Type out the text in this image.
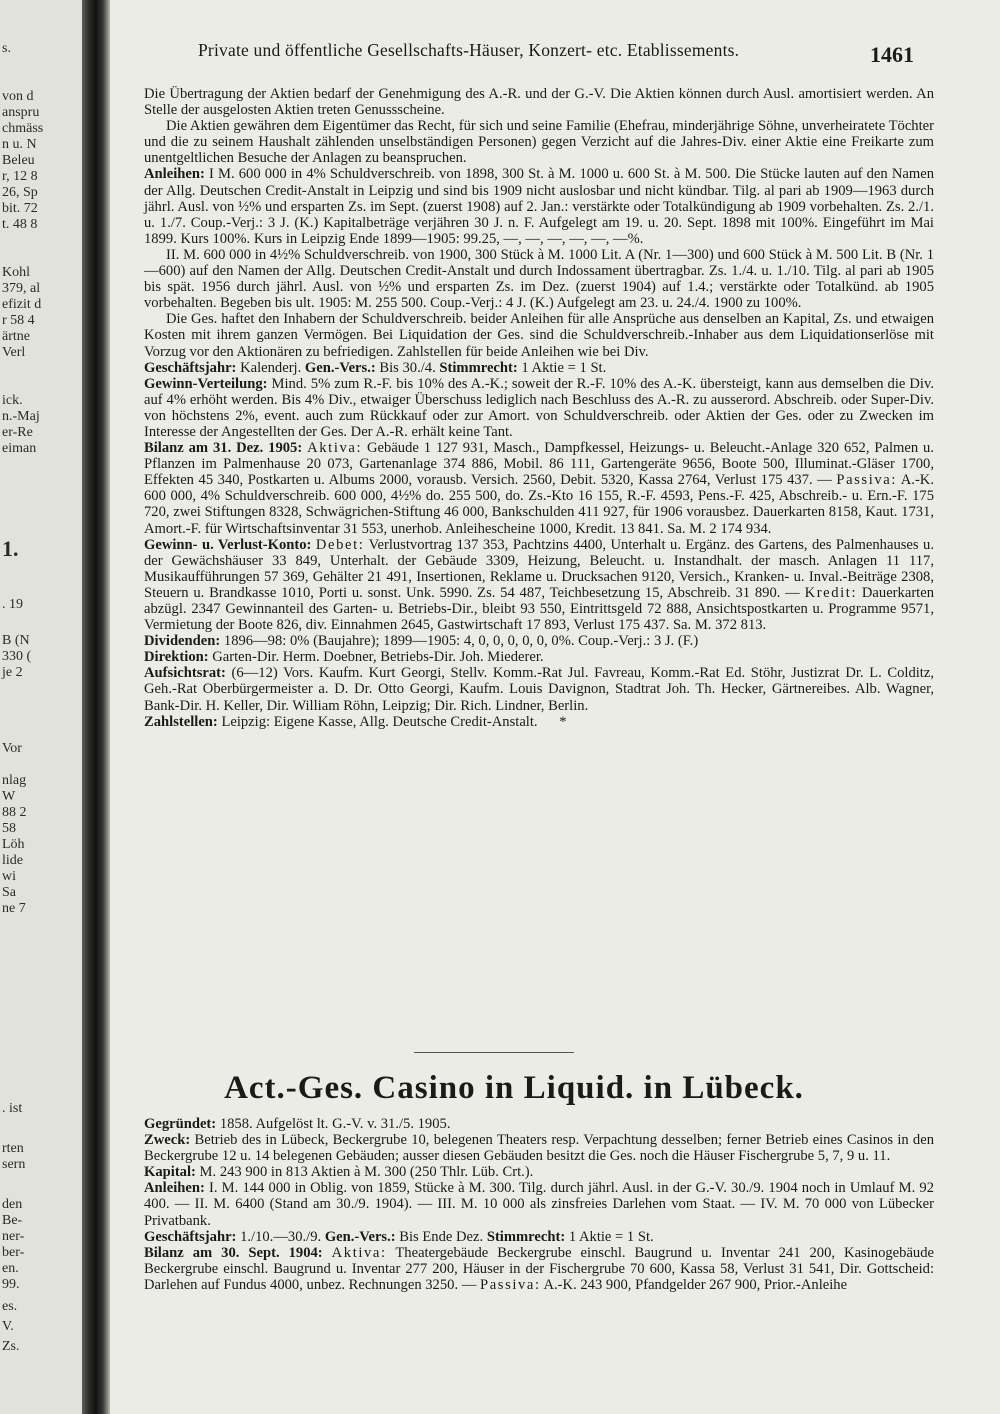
s.
von d
anspru
chmäss
n u. N
Beleu
r, 12 8
26, Sp
bit. 72
t. 48 8
Kohl
379, al
efizit d
r 58 4
ärtne
Verl
ick.
n.-Maj
er-Re
eiman
1.
. 19
B (N
330 (
je 2
Vor
nlag
W
88 2
58
Löh
lide
wi
Sa
ne 7
. ist
rten
sern
den
Be-
ner-
ber-
en.
99.
es.
V.
Zs.
Private und öffentliche Gesellschafts-Häuser, Konzert- etc. Etablissements.	1461

Die Übertragung der Aktien bedarf der Genehmigung des A.-R. und der G.-V. Die Aktien können durch Ausl. amortisiert werden. An Stelle der ausgelosten Aktien treten Genussscheine.

Die Aktien gewähren dem Eigentümer das Recht, für sich und seine Familie (Ehefrau, minderjährige Söhne, unverheiratete Töchter und die zu seinem Haushalt zählenden unselbständigen Personen) gegen Verzicht auf die Jahres-Div. einer Aktie eine Freikarte zum unentgeltlichen Besuche der Anlagen zu beanspruchen.

Anleihen: I M. 600 000 in 4% Schuldverschreib. von 1898, 300 St. à M. 1000 u. 600 St. à M. 500. Die Stücke lauten auf den Namen der Allg. Deutschen Credit-Anstalt in Leipzig und sind bis 1909 nicht auslosbar und nicht kündbar. Tilg. al pari ab 1909—1963 durch jährl. Ausl. von ½% und ersparten Zs. im Sept. (zuerst 1908) auf 2. Jan.: verstärkte oder Totalkündigung ab 1909 vorbehalten. Zs. 2./1. u. 1./7. Coup.-Verj.: 3 J. (K.) Kapitalbeträge verjähren 30 J. n. F. Aufgelegt am 19. u. 20. Sept. 1898 mit 100%. Eingeführt im Mai 1899. Kurs 100%. Kurs in Leipzig Ende 1899—1905: 99.25, —, —, —, —, —, —%.

II. M. 600 000 in 4½% Schuldverschreib. von 1900, 300 Stück à M. 1000 Lit. A (Nr. 1—300) und 600 Stück à M. 500 Lit. B (Nr. 1—600) auf den Namen der Allg. Deutschen Credit-Anstalt und durch Indossament übertragbar. Zs. 1./4. u. 1./10. Tilg. al pari ab 1905 bis spät. 1956 durch jährl. Ausl. von ½% und ersparten Zs. im Dez. (zuerst 1904) auf 1.4.; verstärkte oder Totalkünd. ab 1905 vorbehalten. Begeben bis ult. 1905: M. 255 500. Coup.-Verj.: 4 J. (K.) Aufgelegt am 23. u. 24./4. 1900 zu 100%.

Die Ges. haftet den Inhabern der Schuldverschreib. beider Anleihen für alle Ansprüche aus denselben an Kapital, Zs. und etwaigen Kosten mit ihrem ganzen Vermögen. Bei Liquidation der Ges. sind die Schuldverschreib.-Inhaber aus dem Liquidationserlöse mit Vorzug vor den Aktionären zu befriedigen. Zahlstellen für beide Anleihen wie bei Div.

Geschäftsjahr: Kalenderj. Gen.-Vers.: Bis 30./4. Stimmrecht: 1 Aktie = 1 St.

Gewinn-Verteilung: Mind. 5% zum R.-F. bis 10% des A.-K.; soweit der R.-F. 10% des A.-K. übersteigt, kann aus demselben die Div. auf 4% erhöht werden. Bis 4% Div., etwaiger Überschuss lediglich nach Beschluss des A.-R. zu ausserord. Abschreib. oder Super-Div. von höchstens 2%, event. auch zum Rückkauf oder zur Amort. von Schuldverschreib. oder Aktien der Ges. oder zu Zwecken im Interesse der Angestellten der Ges. Der A.-R. erhält keine Tant.

Bilanz am 31. Dez. 1905: Aktiva: Gebäude 1 127 931, Masch., Dampfkessel, Heizungs- u. Beleucht.-Anlage 320 652, Palmen u. Pflanzen im Palmenhause 20 073, Gartenanlage 374 886, Mobil. 86 111, Gartengeräte 9656, Boote 500, Illuminat.-Gläser 1700, Effekten 45 340, Postkarten u. Albums 2000, vorausb. Versich. 2560, Debit. 5320, Kassa 2764, Verlust 175 437. — Passiva: A.-K. 600 000, 4% Schuldverschreib. 600 000, 4½% do. 255 500, do. Zs.-Kto 16 155, R.-F. 4593, Pens.-F. 425, Abschreib.- u. Ern.-F. 175 720, zwei Stiftungen 8328, Schwägrichen-Stiftung 46 000, Bankschulden 411 927, für 1906 vorausbez. Dauerkarten 8158, Kaut. 1731, Amort.-F. für Wirtschaftsinventar 31 553, unerhob. Anleihescheine 1000, Kredit. 13 841. Sa. M. 2 174 934.

Gewinn- u. Verlust-Konto: Debet: Verlustvortrag 137 353, Pachtzins 4400, Unterhalt u. Ergänz. des Gartens, des Palmenhauses u. der Gewächshäuser 33 849, Unterhalt. der Gebäude 3309, Heizung, Beleucht. u. Instandhalt. der masch. Anlagen 11 117, Musikaufführungen 57 369, Gehälter 21 491, Insertionen, Reklame u. Drucksachen 9120, Versich., Kranken- u. Inval.-Beiträge 2308, Steuern u. Brandkasse 1010, Porti u. sonst. Unk. 5990. Zs. 54 487, Teichbesetzung 15, Abschreib. 31 890. — Kredit: Dauerkarten abzügl. 2347 Gewinnanteil des Garten- u. Betriebs-Dir., bleibt 93 550, Eintrittsgeld 72 888, Ansichtspostkarten u. Programme 9571, Vermietung der Boote 826, div. Einnahmen 2645, Gastwirtschaft 17 893, Verlust 175 437. Sa. M. 372 813.

Dividenden: 1896—98: 0% (Baujahre); 1899—1905: 4, 0, 0, 0, 0, 0, 0%. Coup.-Verj.: 3 J. (F.)

Direktion: Garten-Dir. Herm. Doebner, Betriebs-Dir. Joh. Miederer.

Aufsichtsrat: (6—12) Vors. Kaufm. Kurt Georgi, Stellv. Komm.-Rat Jul. Favreau, Komm.-Rat Ed. Stöhr, Justizrat Dr. L. Colditz, Geh.-Rat Oberbürgermeister a. D. Dr. Otto Georgi, Kaufm. Louis Davignon, Stadtrat Joh. Th. Hecker, Gärtnereibes. Alb. Wagner, Bank-Dir. H. Keller, Dir. William Röhn, Leipzig; Dir. Rich. Lindner, Berlin.

Zahlstellen: Leipzig: Eigene Kasse, Allg. Deutsche Credit-Anstalt. *

Act.-Ges. Casino in Liquid. in Lübeck.

Gegründet: 1858. Aufgelöst lt. G.-V. v. 31./5. 1905.

Zweck: Betrieb des in Lübeck, Beckergrube 10, belegenen Theaters resp. Verpachtung desselben; ferner Betrieb eines Casinos in den Beckergrube 12 u. 14 belegenen Gebäuden; ausser diesen Gebäuden besitzt die Ges. noch die Häuser Fischergrube 5, 7, 9 u. 11.

Kapital: M. 243 900 in 813 Aktien à M. 300 (250 Thlr. Lüb. Crt.).

Anleihen: I. M. 144 000 in Oblig. von 1859, Stücke à M. 300. Tilg. durch jährl. Ausl. in der G.-V. 30./9. 1904 noch in Umlauf M. 92 400. — II. M. 6400 (Stand am 30./9. 1904). — III. M. 10 000 als zinsfreies Darlehen vom Staat. — IV. M. 70 000 von Lübecker Privatbank.

Geschäftsjahr: 1./10.—30./9. Gen.-Vers.: Bis Ende Dez. Stimmrecht: 1 Aktie = 1 St.

Bilanz am 30. Sept. 1904: Aktiva: Theatergebäude Beckergrube einschl. Baugrund u. Inventar 241 200, Kasinogebäude Beckergrube einschl. Baugrund u. Inventar 277 200, Häuser in der Fischergrube 70 600, Kassa 58, Verlust 31 541, Dir. Gottscheid: Darlehen auf Fundus 4000, unbez. Rechnungen 3250. — Passiva: A.-K. 243 900, Pfandgelder 267 900, Prior.-Anleihe
